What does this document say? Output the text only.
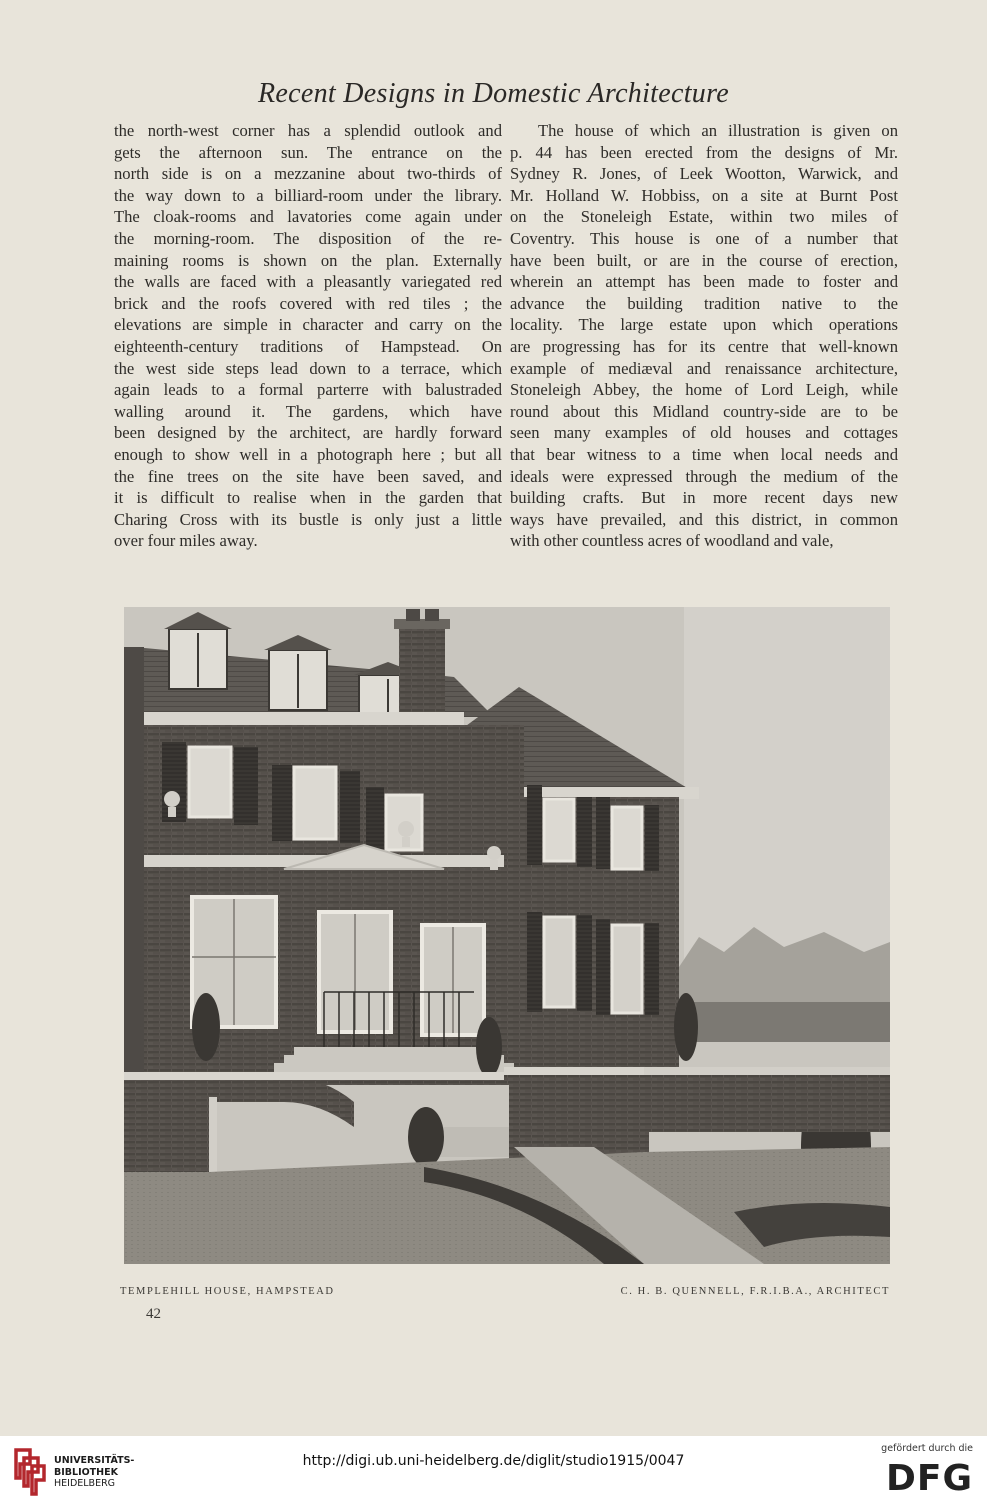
Recent Designs in Domestic Architecture
the north-west corner has a splendid outlook and
gets the afternoon sun. The entrance on the
north side is on a mezzanine about two-thirds of
the way down to a billiard-room under the library.
The cloak-rooms and lavatories come again under
the morning-room. The disposition of the re-
maining rooms is shown on the plan. Externally
the walls are faced with a pleasantly variegated red
brick and the roofs covered with red tiles ; the
elevations are simple in character and carry on the
eighteenth-century traditions of Hampstead. On
the west side steps lead down to a terrace, which
again leads to a formal parterre with balustraded
walling around it. The gardens, which have
been designed by the architect, are hardly forward
enough to show well in a photograph here ; but all
the fine trees on the site have been saved, and
it is difficult to realise when in the garden that
Charing Cross with its bustle is only just a little
over four miles away.
The house of which an illustration is given on
p. 44 has been erected from the designs of Mr.
Sydney R. Jones, of Leek Wootton, Warwick, and
Mr. Holland W. Hobbiss, on a site at Burnt Post
on the Stoneleigh Estate, within two miles of
Coventry. This house is one of a number that
have been built, or are in the course of erection,
wherein an attempt has been made to foster and
advance the building tradition native to the
locality. The large estate upon which operations
are progressing has for its centre that well-known
example of mediæval and renaissance architecture,
Stoneleigh Abbey, the home of Lord Leigh, while
round about this Midland country-side are to be
seen many examples of old houses and cottages
that bear witness to a time when local needs and
ideals were expressed through the medium of the
building crafts. But in more recent days new
ways have prevailed, and this district, in common
with other countless acres of woodland and vale,
TEMPLEHILL HOUSE, HAMPSTEAD	C. H. B. QUENNELL, F.R.I.B.A., ARCHITECT
42
UNIVERSITÄTS-
BIBLIOTHEK
HEIDELBERG
http://digi.ub.uni-heidelberg.de/diglit/studio1915/0047
gefördert durch die
DFG
